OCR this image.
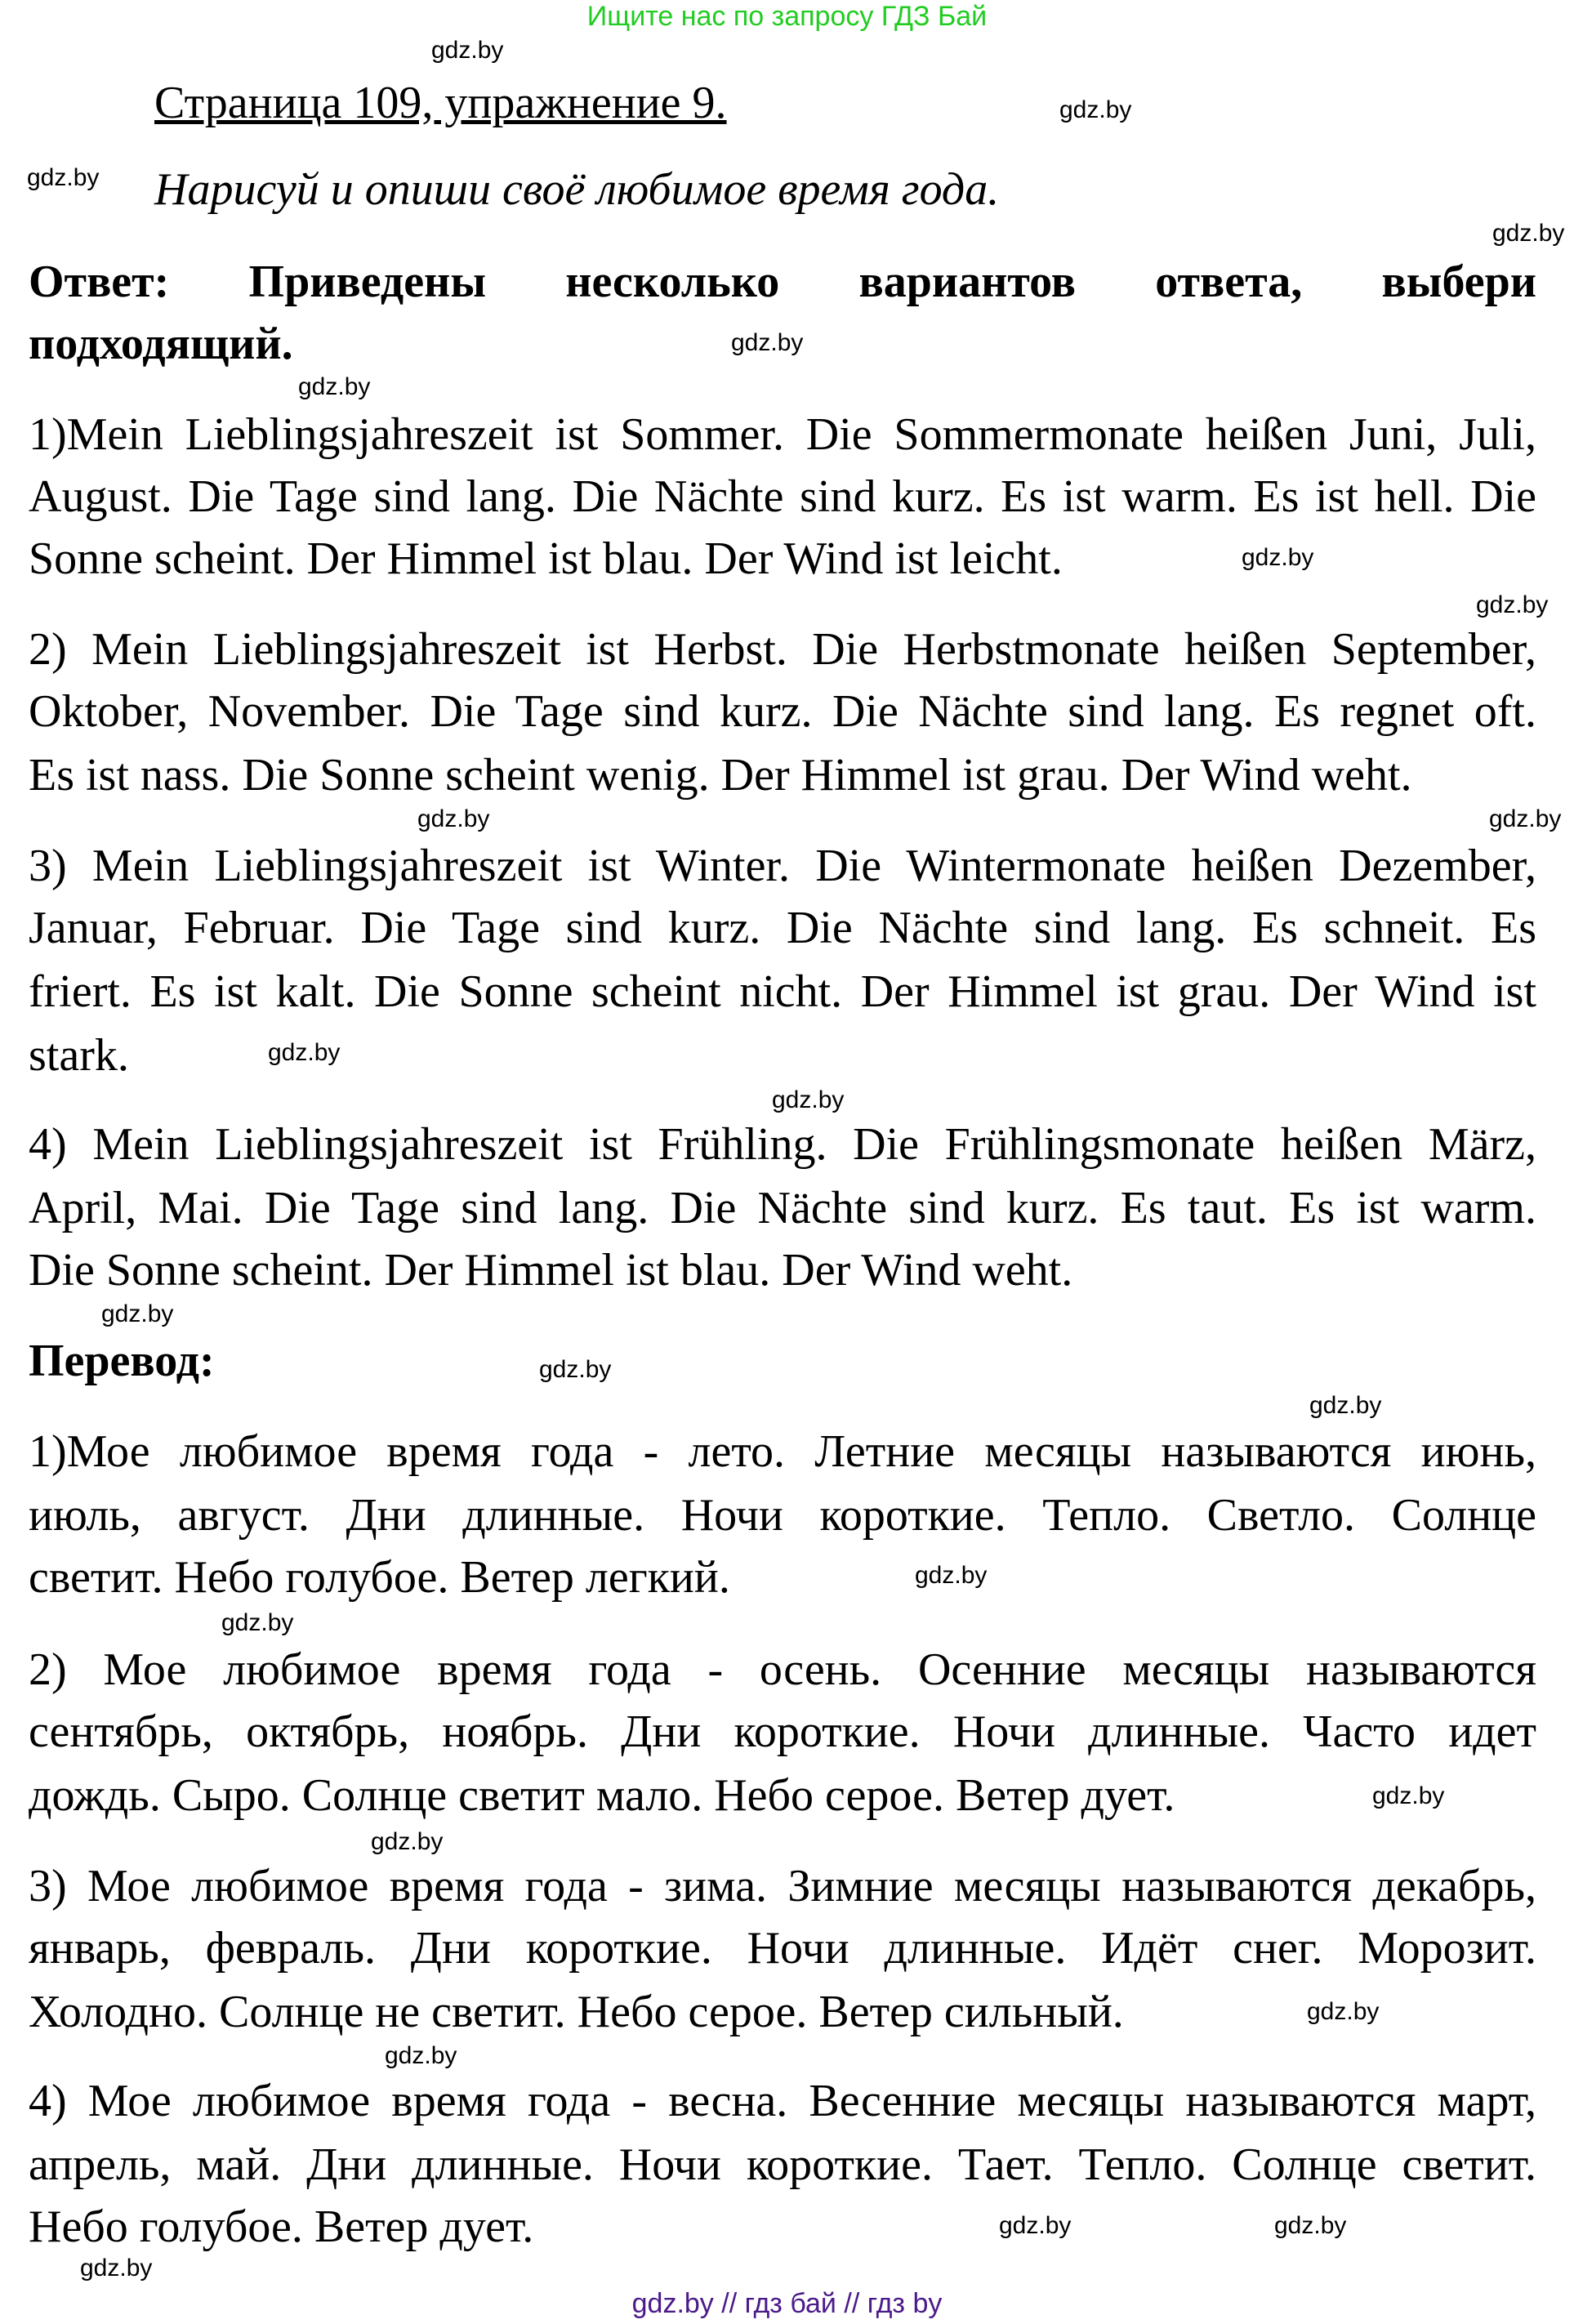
Ищите нас по запросу ГДЗ Бай
Страница 109, упражнение 9.
Нарисуй и опиши своё любимое время года.
Ответ: Приведены несколько вариантов ответа, выбери
подходящий.
1)Mein Lieblingsjahreszeit ist Sommer. Die Sommermonate heißen Juni, Juli,
August. Die Tage sind lang. Die Nächte sind kurz. Es ist warm. Es ist hell. Die
Sonne scheint. Der Himmel ist blau. Der Wind ist leicht.
2) Mein Lieblingsjahreszeit ist Herbst. Die Herbstmonate heißen September,
Oktober, November. Die Tage sind kurz. Die Nächte sind lang. Es regnet oft.
Es ist nass. Die Sonne scheint wenig. Der Himmel ist grau. Der Wind weht.
3) Mein Lieblingsjahreszeit ist Winter. Die Wintermonate heißen Dezember,
Januar, Februar. Die Tage sind kurz. Die Nächte sind lang. Es schneit. Es
friert. Es ist kalt. Die Sonne scheint nicht. Der Himmel ist grau. Der Wind ist
stark.
4) Mein Lieblingsjahreszeit ist Frühling. Die Frühlingsmonate heißen März,
April, Mai. Die Tage sind lang. Die Nächte sind kurz. Es taut. Es ist warm.
Die Sonne scheint. Der Himmel ist blau. Der Wind weht.
Перевод:
1)Мое любимое время года - лето. Летние месяцы называются июнь,
июль, август. Дни длинные. Ночи короткие. Тепло. Светло. Солнце
светит. Небо голубое. Ветер легкий.
2) Мое любимое время года - осень. Осенние месяцы называются
сентябрь, октябрь, ноябрь. Дни короткие. Ночи длинные. Часто идет
дождь. Сыро. Солнце светит мало. Небо серое. Ветер дует.
3) Мое любимое время года - зима. Зимние месяцы называются декабрь,
январь, февраль. Дни короткие. Ночи длинные. Идёт снег. Морозит.
Холодно. Солнце не светит. Небо серое. Ветер сильный.
4) Мое любимое время года - весна. Весенние месяцы называются март,
апрель, май. Дни длинные. Ночи короткие. Тает. Тепло. Солнце светит.
Небо голубое. Ветер дует.
gdz.by
gdz.by
gdz.by
gdz.by
gdz.by
gdz.by
gdz.by
gdz.by
gdz.by
gdz.by
gdz.by
gdz.by
gdz.by
gdz.by
gdz.by
gdz.by
gdz.by
gdz.by
gdz.by
gdz.by
gdz.by
gdz.by
gdz.by
gdz.by
gdz.by // гдз бай // гдз by
